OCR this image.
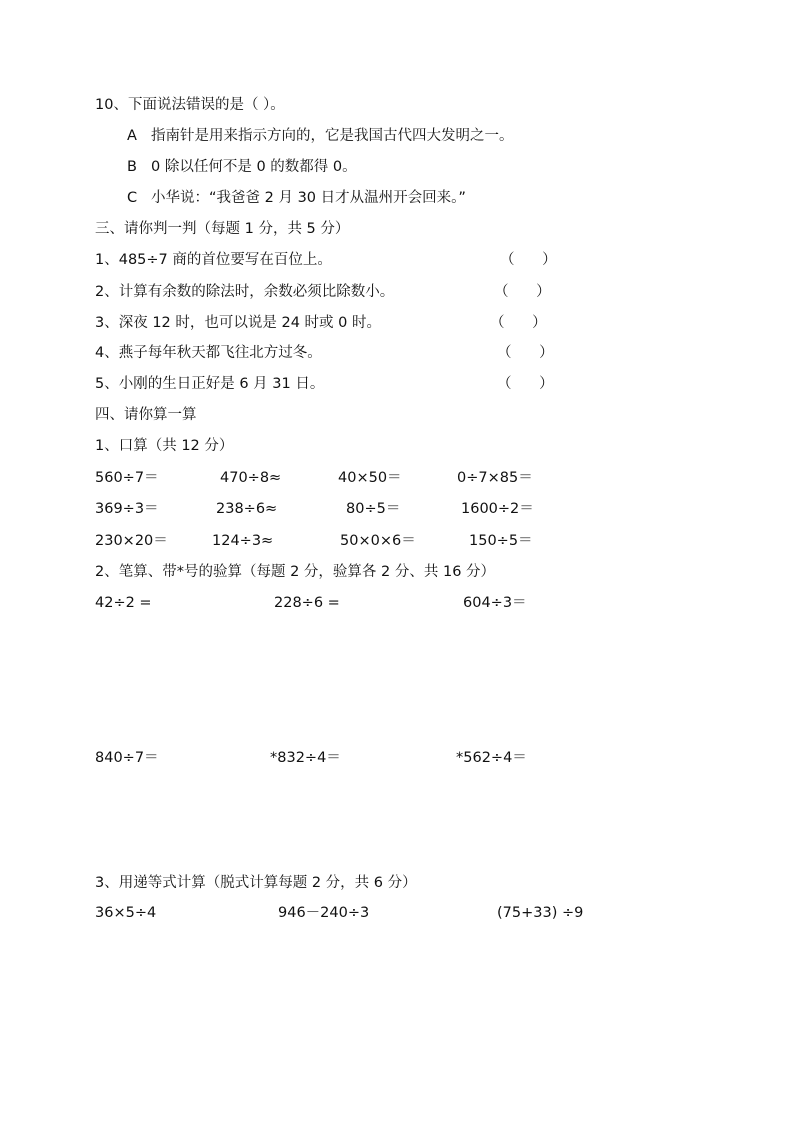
10、下面说法错误的是（ ）。
A 指南针是用来指示方向的，它是我国古代四大发明之一。
B 0 除以任何不是 0 的数都得 0。
C 小华说：“我爸爸 2 月 30 日才从温州开会回来。”
三、请你判一判（每题 1 分，共 5 分）
1、485÷7 商的首位要写在百位上。	（      ）
2、计算有余数的除法时，余数必须比除数小。	（      ）
3、深夜 12 时，也可以说是 24 时或 0 时。	（      ）
4、燕子每年秋天都飞往北方过冬。	（      ）
5、小刚的生日正好是 6 月 31 日。	（      ）
四、请你算一算
1、口算（共 12 分）
560÷7＝	470÷8≈	40×50＝	0÷7×85＝
369÷3＝	238÷6≈	80÷5＝	1600÷2＝
230×20＝	124÷3≈	50×0×6＝	150÷5＝
2、笔算、带*号的验算（每题 2 分，验算各 2 分、共 16 分）
42÷2 =	228÷6 =	604÷3＝
840÷7＝	*832÷4＝	*562÷4＝
3、用递等式计算（脱式计算每题 2 分，共 6 分）
36×5÷4	946－240÷3	(75+33) ÷9
